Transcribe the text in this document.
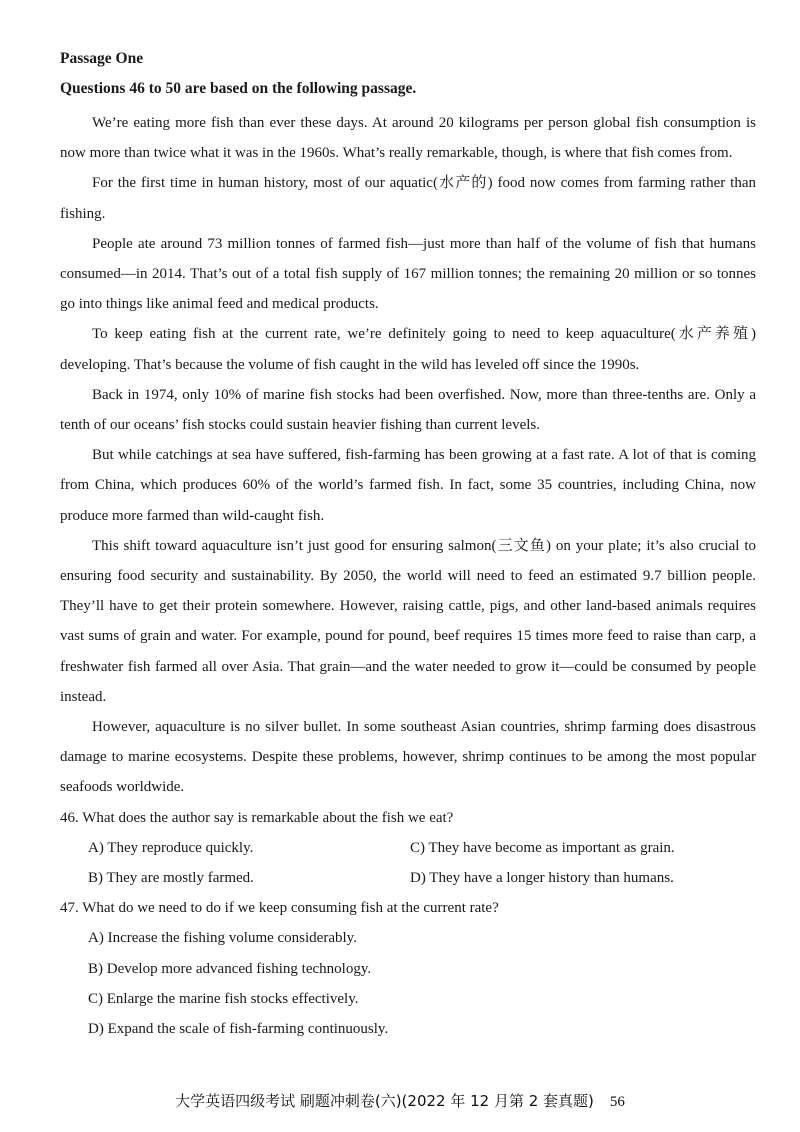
Passage One
Questions 46 to 50 are based on the following passage.

We’re eating more fish than ever these days. At around 20 kilograms per person global fish consumption is now more than twice what it was in the 1960s. What’s really remarkable, though, is where that fish comes from.

For the first time in human history, most of our aquatic(水产的) food now comes from farming rather than fishing.

People ate around 73 million tonnes of farmed fish—just more than half of the volume of fish that humans consumed—in 2014. That’s out of a total fish supply of 167 million tonnes; the remaining 20 million or so tonnes go into things like animal feed and medical products.

To keep eating fish at the current rate, we’re definitely going to need to keep aquaculture(水产养殖) developing. That’s because the volume of fish caught in the wild has leveled off since the 1990s.

Back in 1974, only 10% of marine fish stocks had been overfished. Now, more than three-tenths are. Only a tenth of our oceans’ fish stocks could sustain heavier fishing than current levels.

But while catchings at sea have suffered, fish-farming has been growing at a fast rate. A lot of that is coming from China, which produces 60% of the world’s farmed fish. In fact, some 35 countries, including China, now produce more farmed than wild-caught fish.

This shift toward aquaculture isn’t just good for ensuring salmon(三文鱼) on your plate; it’s also crucial to ensuring food security and sustainability. By 2050, the world will need to feed an estimated 9.7 billion people. They’ll have to get their protein somewhere. However, raising cattle, pigs, and other land-based animals requires vast sums of grain and water. For example, pound for pound, beef requires 15 times more feed to raise than carp, a freshwater fish farmed all over Asia. That grain—and the water needed to grow it—could be consumed by people instead.

However, aquaculture is no silver bullet. In some southeast Asian countries, shrimp farming does disastrous damage to marine ecosystems. Despite these problems, however, shrimp continues to be among the most popular seafoods worldwide.

46. What does the author say is remarkable about the fish we eat?

A) They reproduce quickly.	C) They have become as important as grain.
B) They are mostly farmed.	D) They have a longer history than humans.

47. What do we need to do if we keep consuming fish at the current rate?

A) Increase the fishing volume considerably.
B) Develop more advanced fishing technology.
C) Enlarge the marine fish stocks effectively.
D) Expand the scale of fish-farming continuously.
大学英语四级考试 刷题冲刺卷(六)(2022 年 12 月第 2 套真题) 56
